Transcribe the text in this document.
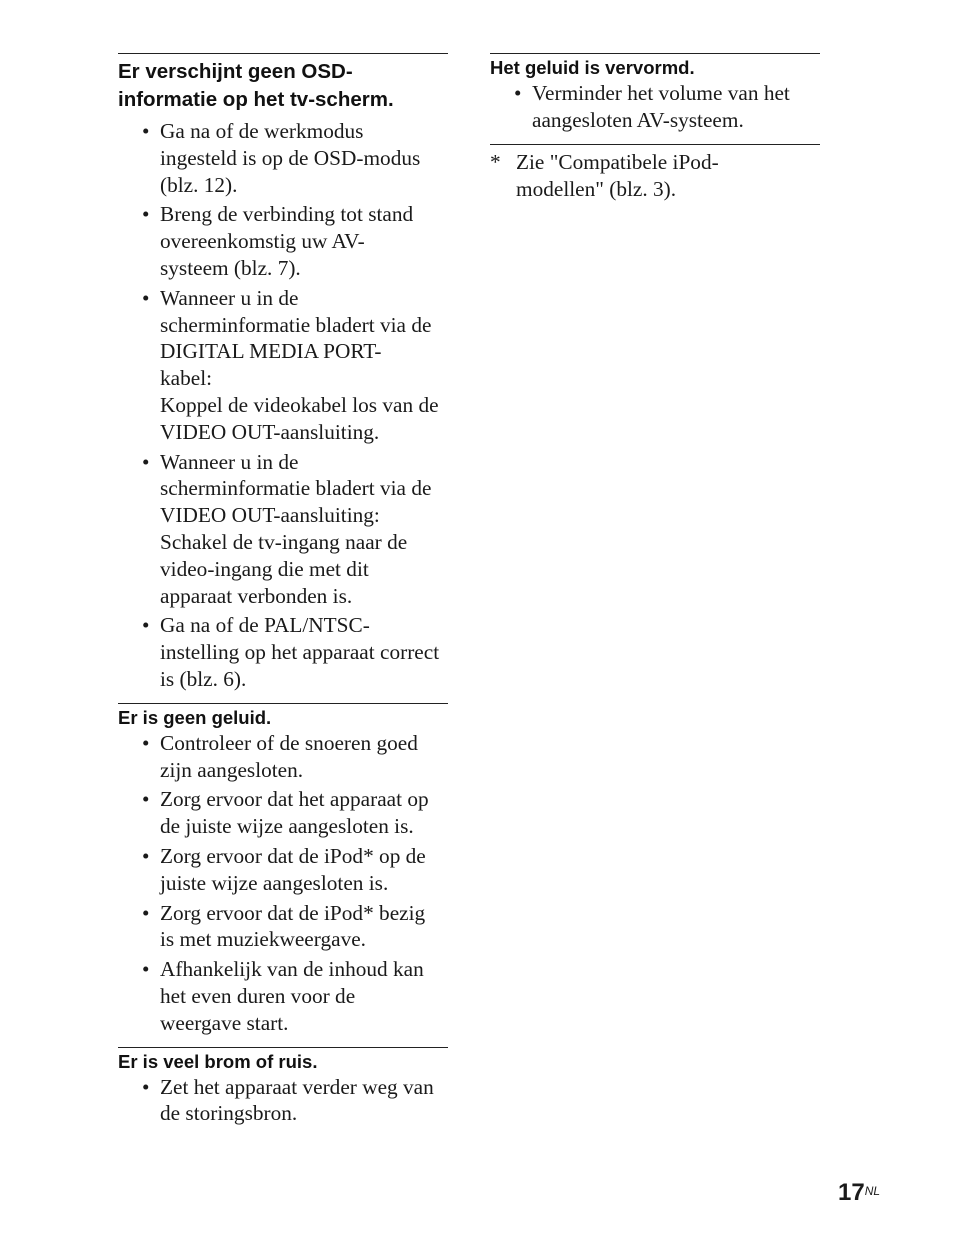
Er verschijnt geen OSD-
informatie op het tv-scherm.
• Ga na of de werkmodus
ingesteld is op de OSD-modus
(blz. 12).
• Breng de verbinding tot stand
overeenkomstig uw AV-
systeem (blz. 7).
• Wanneer u in de
scherminformatie bladert via de
DIGITAL MEDIA PORT-
kabel:
Koppel de videokabel los van de
VIDEO OUT-aansluiting.
• Wanneer u in de
scherminformatie bladert via de
VIDEO OUT-aansluiting:
Schakel de tv-ingang naar de
video-ingang die met dit
apparaat verbonden is.
• Ga na of de PAL/NTSC-
instelling op het apparaat correct
is (blz. 6).
Er is geen geluid.
• Controleer of de snoeren goed
zijn aangesloten.
• Zorg ervoor dat het apparaat op
de juiste wijze aangesloten is.
• Zorg ervoor dat de iPod* op de
juiste wijze aangesloten is.
• Zorg ervoor dat de iPod* bezig
is met muziekweergave.
• Afhankelijk van de inhoud kan
het even duren voor de
weergave start.
Er is veel brom of ruis.
• Zet het apparaat verder weg van
de storingsbron.
Het geluid is vervormd.
• Verminder het volume van het
aangesloten AV-systeem.
* Zie "Compatibele iPod-
modellen" (blz. 3).
$17^{NL}$
